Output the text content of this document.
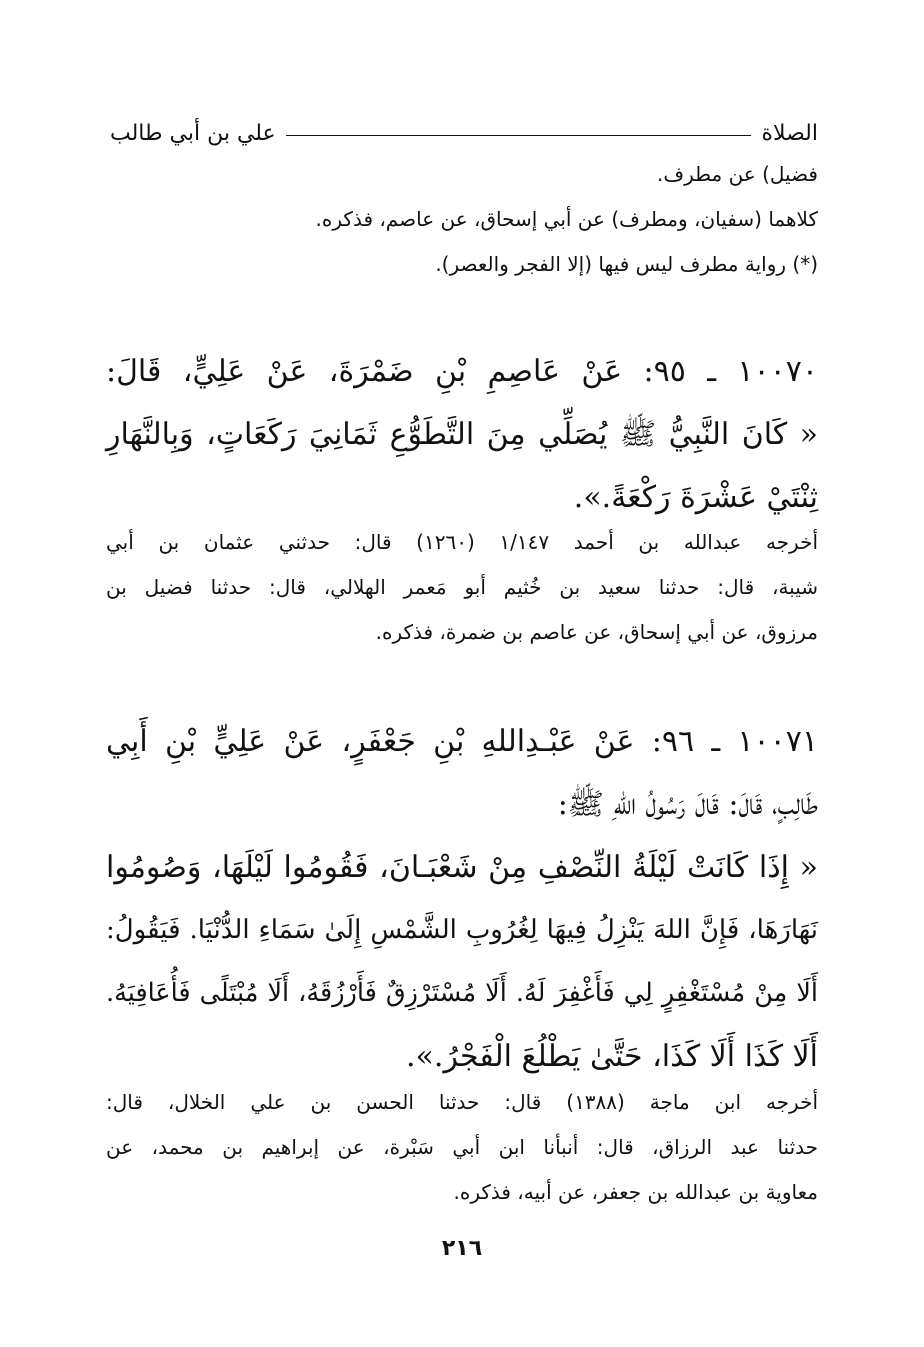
الصلاة
علي بن أبي طالب
فضيل) عن مطرف.
كلاهما (سفيان، ومطرف) عن أبي إسحاق، عن عاصم، فذكره.
(*) رواية مطرف ليس فيها (إلا الفجر والعصر).
١٠٠٧٠ ـ ٩٥: عَنْ عَاصِمِ بْنِ ضَمْرَةَ، عَنْ عَلِيٍّ، قَالَ:
« كَانَ النَّبِيُّ ﷺ يُصَلِّي مِنَ التَّطَوُّعِ ثَمَانِيَ رَكَعَاتٍ، وَبِالنَّهَارِ
ثِنْتَيْ عَشْرَةَ رَكْعَةً.».
أخرجه عبدالله بن أحمد ١/١٤٧ (١٢٦٠) قال: حدثني عثمان بن أبي
شيبة، قال: حدثنا سعيد بن خُثيم أبو مَعمر الهلالي، قال: حدثنا فضيل بن
مرزوق، عن أبي إسحاق، عن عاصم بن ضمرة، فذكره.
١٠٠٧١ ـ ٩٦: عَنْ عَبْـدِاللهِ بْنِ جَعْفَرٍ، عَنْ عَلِيٍّ بْنِ أَبِي
طَالِبٍ، قَالَ: قَالَ رَسُولُ اللهِ ﷺ:
« إِذَا كَانَتْ لَيْلَةُ النِّصْفِ مِنْ شَعْبَـانَ، فَقُومُوا لَيْلَهَا، وَصُومُوا
نَهَارَهَا، فَإِنَّ اللهَ يَنْزِلُ فِيهَا لِغُرُوبِ الشَّمْسِ إِلَىٰ سَمَاءِ الدُّنْيَا. فَيَقُولُ:
أَلَا مِنْ مُسْتَغْفِرٍ لِي فَأَغْفِرَ لَهُ. أَلَا مُسْتَرْزِقٌ فَأَرْزُقَهُ، أَلَا مُبْتَلًى فَأُعَافِيَهُ.
أَلَا كَذَا أَلَا كَذَا، حَتَّىٰ يَطْلُعَ الْفَجْرُ.».
أخرجه ابن ماجة (١٣٨٨) قال: حدثنا الحسن بن علي الخلال، قال:
حدثنا عبد الرزاق، قال: أنبأنا ابن أبي سَبْرة، عن إبراهيم بن محمد، عن
معاوية بن عبدالله بن جعفر، عن أبيه، فذكره.
٢١٦
